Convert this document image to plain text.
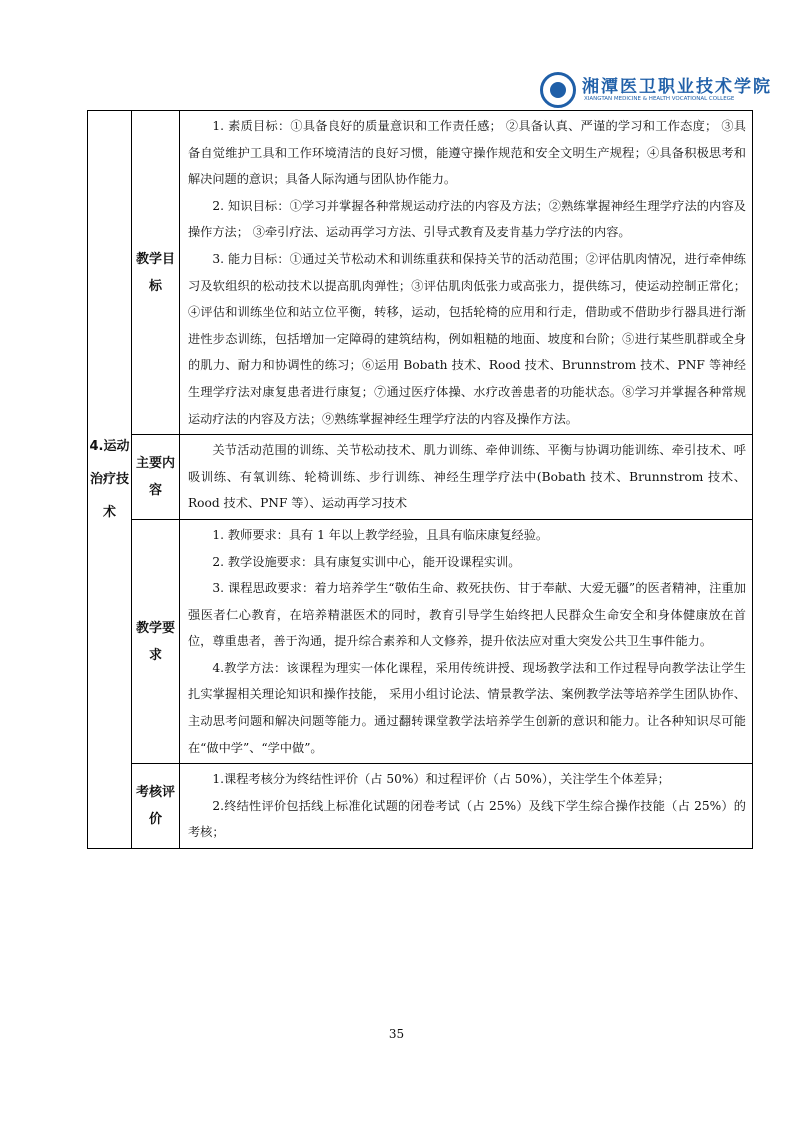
湘潭医卫职业技术学院
XIANGTAN MEDICINE & HEALTH VOCATIONAL COLLEGE
4.运动治疗技术	教学目标	1. 素质目标：①具备良好的质量意识和工作责任感； ②具备认真、严谨的学习和工作态度； ③具备自觉维护工具和工作环境清洁的良好习惯，能遵守操作规范和安全文明生产规程；④具备积极思考和解决问题的意识；具备人际沟通与团队协作能力。

2. 知识目标：①学习并掌握各种常规运动疗法的内容及方法；②熟练掌握神经生理学疗法的内容及操作方法； ③牵引疗法、运动再学习方法、引导式教育及麦肯基力学疗法的内容。

3. 能力目标：①通过关节松动术和训练重获和保持关节的活动范围；②评估肌肉情况，进行牵伸练习及软组织的松动技术以提高肌肉弹性；③评估肌肉低张力或高张力，提供练习，使运动控制正常化；④评估和训练坐位和站立位平衡，转移，运动，包括轮椅的应用和行走，借助或不借助步行器具进行渐进性步态训练，包括增加一定障碍的建筑结构，例如粗糙的地面、坡度和台阶；⑤进行某些肌群或全身的肌力、耐力和协调性的练习；⑥运用 Bobath 技术、Rood 技术、Brunnstrom 技术、PNF 等神经生理学疗法对康复患者进行康复；⑦通过医疗体操、水疗改善患者的功能状态。⑧学习并掌握各种常规运动疗法的内容及方法；⑨熟练掌握神经生理学疗法的内容及操作方法。

	主要内容	关节活动范围的训练、关节松动技术、肌力训练、牵伸训练、平衡与协调功能训练、牵引技术、呼吸训练、有氧训练、轮椅训练、步行训练、神经生理学疗法中(Bobath 技术、Brunnstrom 技术、Rood 技术、PNF 等）、运动再学习技术

	教学要求	1. 教师要求：具有 1 年以上教学经验，且具有临床康复经验。

2. 教学设施要求：具有康复实训中心，能开设课程实训。

3. 课程思政要求：着力培养学生“敬佑生命、救死扶伤、甘于奉献、大爱无疆”的医者精神，注重加强医者仁心教育，在培养精湛医术的同时，教育引导学生始终把人民群众生命安全和身体健康放在首位，尊重患者，善于沟通，提升综合素养和人文修养，提升依法应对重大突发公共卫生事件能力。

4.教学方法：该课程为理实一体化课程，采用传统讲授、现场教学法和工作过程导向教学法让学生扎实掌握相关理论知识和操作技能， 采用小组讨论法、情景教学法、案例教学法等培养学生团队协作、主动思考问题和解决问题等能力。通过翻转课堂教学法培养学生创新的意识和能力。让各种知识尽可能在“做中学”、“学中做”。

	考核评价	1.课程考核分为终结性评价（占 50%）和过程评价（占 50%），关注学生个体差异；

2.终结性评价包括线上标准化试题的闭卷考试（占 25%）及线下学生综合操作技能（占 25%）的考核；

35
